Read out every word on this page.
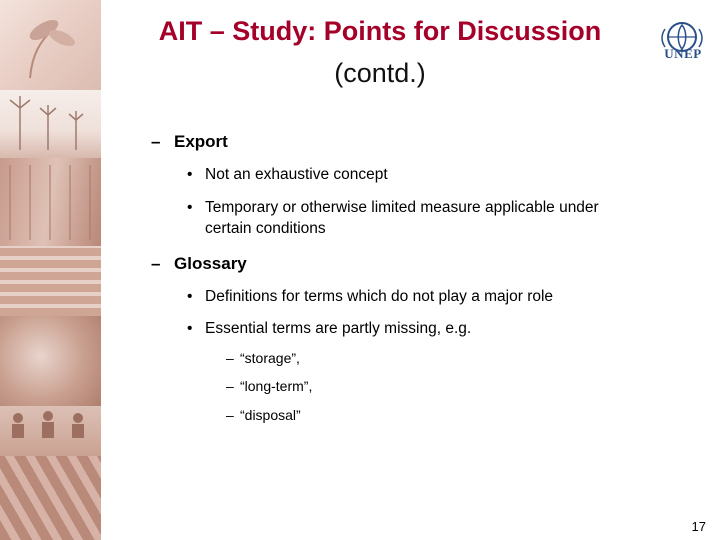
UNEP
AIT – Study: Points for Discussion
(contd.)
– Export
• Not an exhaustive concept
• Temporary or otherwise limited measure applicable under
certain conditions
– Glossary
• Definitions for terms which do not play a major role
• Essential terms are partly missing, e.g.
– “storage”,
– “long-term”,
– “disposal”
17
